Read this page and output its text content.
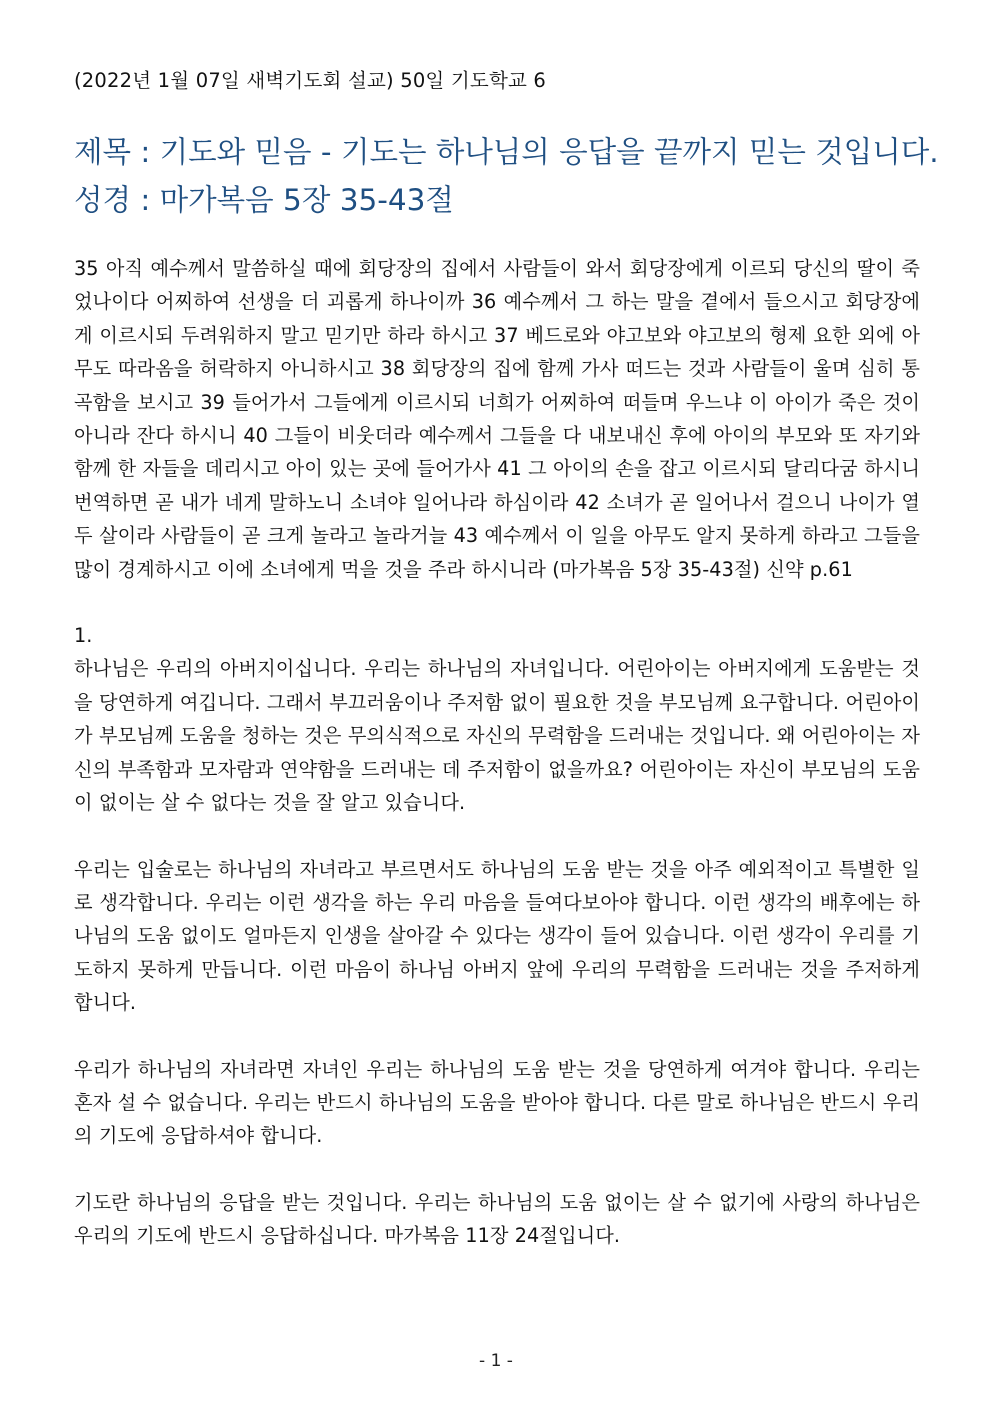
(2022년 1월 07일 새벽기도회 설교) 50일 기도학교 6
제목 : 기도와 믿음 - 기도는 하나님의 응답을 끝까지 믿는 것입니다.
성경 : 마가복음 5장 35-43절

35 아직 예수께서 말씀하실 때에 회당장의 집에서 사람들이 와서 회당장에게 이르되 당신의 딸이 죽었나이다 어찌하여 선생을 더 괴롭게 하나이까 36 예수께서 그 하는 말을 곁에서 들으시고 회당장에게 이르시되 두려워하지 말고 믿기만 하라 하시고 37 베드로와 야고보와 야고보의 형제 요한 외에 아무도 따라옴을 허락하지 아니하시고 38 회당장의 집에 함께 가사 떠드는 것과 사람들이 울며 심히 통곡함을 보시고 39 들어가서 그들에게 이르시되 너희가 어찌하여 떠들며 우느냐 이 아이가 죽은 것이 아니라 잔다 하시니 40 그들이 비웃더라 예수께서 그들을 다 내보내신 후에 아이의 부모와 또 자기와 함께 한 자들을 데리시고 아이 있는 곳에 들어가사 41 그 아이의 손을 잡고 이르시되 달리다굼 하시니 번역하면 곧 내가 네게 말하노니 소녀야 일어나라 하심이라 42 소녀가 곧 일어나서 걸으니 나이가 열두 살이라 사람들이 곧 크게 놀라고 놀라거늘 43 예수께서 이 일을 아무도 알지 못하게 하라고 그들을 많이 경계하시고 이에 소녀에게 먹을 것을 주라 하시니라 (마가복음 5장 35-43절) 신약 p.61

1.

하나님은 우리의 아버지이십니다. 우리는 하나님의 자녀입니다. 어린아이는 아버지에게 도움받는 것을 당연하게 여깁니다. 그래서 부끄러움이나 주저함 없이 필요한 것을 부모님께 요구합니다. 어린아이가 부모님께 도움을 청하는 것은 무의식적으로 자신의 무력함을 드러내는 것입니다. 왜 어린아이는 자신의 부족함과 모자람과 연약함을 드러내는 데 주저함이 없을까요? 어린아이는 자신이 부모님의 도움이 없이는 살 수 없다는 것을 잘 알고 있습니다.

우리는 입술로는 하나님의 자녀라고 부르면서도 하나님의 도움 받는 것을 아주 예외적이고 특별한 일로 생각합니다. 우리는 이런 생각을 하는 우리 마음을 들여다보아야 합니다. 이런 생각의 배후에는 하나님의 도움 없이도 얼마든지 인생을 살아갈 수 있다는 생각이 들어 있습니다. 이런 생각이 우리를 기도하지 못하게 만듭니다. 이런 마음이 하나님 아버지 앞에 우리의 무력함을 드러내는 것을 주저하게 합니다.

우리가 하나님의 자녀라면 자녀인 우리는 하나님의 도움 받는 것을 당연하게 여겨야 합니다. 우리는 혼자 설 수 없습니다. 우리는 반드시 하나님의 도움을 받아야 합니다. 다른 말로 하나님은 반드시 우리의 기도에 응답하셔야 합니다.

기도란 하나님의 응답을 받는 것입니다. 우리는 하나님의 도움 없이는 살 수 없기에 사랑의 하나님은 우리의 기도에 반드시 응답하십니다. 마가복음 11장 24절입니다.

- 1 -
